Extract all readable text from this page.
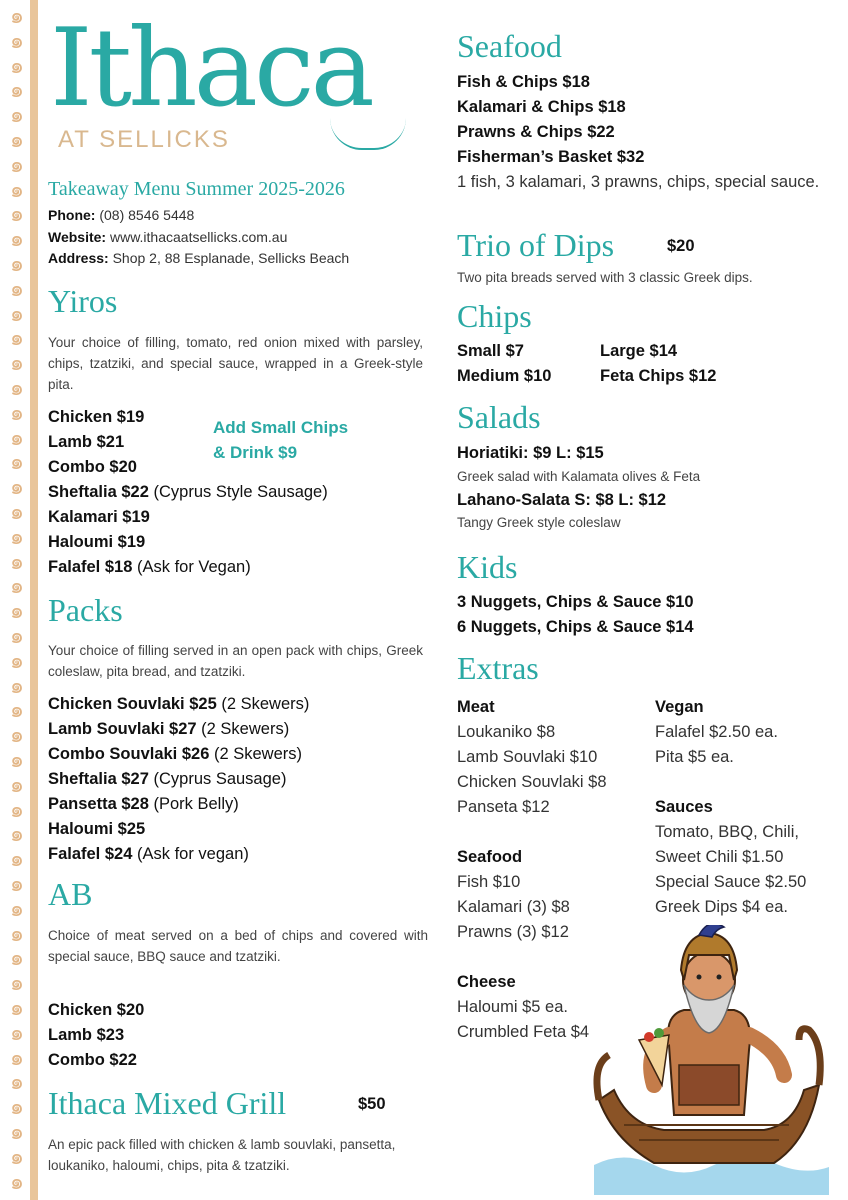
๑
๑
๑
๑
๑
๑
๑
๑
๑
๑
๑
๑
๑
๑
๑
๑
๑
๑
๑
๑
๑
๑
๑
๑
๑
๑
๑
๑
๑
๑
๑
๑
๑
๑
๑
๑
๑
๑
๑
๑
๑
๑
๑
๑
๑
๑
๑
๑
Ithaca
AT SELLICKS
Takeaway Menu Summer 2025-2026
Phone: (08) 8546 5448
Website: www.ithacaatsellicks.com.au
Address: Shop 2, 88 Esplanade, Sellicks Beach
Yiros
Your choice of filling, tomato, red onion mixed with parsley, chips, tzatziki, and special sauce, wrapped in a Greek-style pita.
Add Small Chips
& Drink $9
Chicken $19
Lamb $21
Combo $20
Sheftalia $22 (Cyprus Style Sausage)
Kalamari $19
Haloumi $19
Falafel $18 (Ask for Vegan)
Packs
Your choice of filling served in an open pack with chips, Greek coleslaw, pita bread, and tzatziki.
Chicken Souvlaki $25 (2 Skewers)
Lamb Souvlaki $27 (2 Skewers)
Combo Souvlaki $26 (2 Skewers)
Sheftalia $27 (Cyprus Sausage)
Pansetta $28 (Pork Belly)
Haloumi $25
Falafel $24 (Ask for vegan)
AB
Choice of meat served on a bed of chips and covered with special sauce, BBQ sauce and tzatziki.
Chicken $20
Lamb $23
Combo $22
Ithaca Mixed Grill	$50
An epic pack filled with chicken & lamb souvlaki, pansetta, loukaniko, haloumi, chips, pita & tzatziki.
Seafood
Fish & Chips $18
Kalamari & Chips $18
Prawns & Chips $22
Fisherman’s Basket $32
1 fish, 3 kalamari, 3 prawns, chips, special sauce.
Trio of Dips	$20
Two pita breads served with 3 classic Greek dips.
Chips
Small $7	Large $14
Medium $10	Feta Chips $12
Salads
Horiatiki: $9 L: $15
Greek salad with Kalamata olives & Feta
Lahano-Salata S: $8 L: $12
Tangy Greek style coleslaw
Kids
3 Nuggets, Chips & Sauce $10
6 Nuggets, Chips & Sauce $14
Extras
Meat
Loukaniko $8
Lamb Souvlaki $10
Chicken Souvlaki $8
Panseta $12
Seafood
Fish $10
Kalamari (3) $8
Prawns (3) $12
Cheese
Haloumi $5 ea.
Crumbled Feta $4
Vegan
Falafel $2.50 ea.
Pita $5 ea.
Sauces
Tomato, BBQ, Chili,
Sweet Chili $1.50
Special Sauce $2.50
Greek Dips $4 ea.
